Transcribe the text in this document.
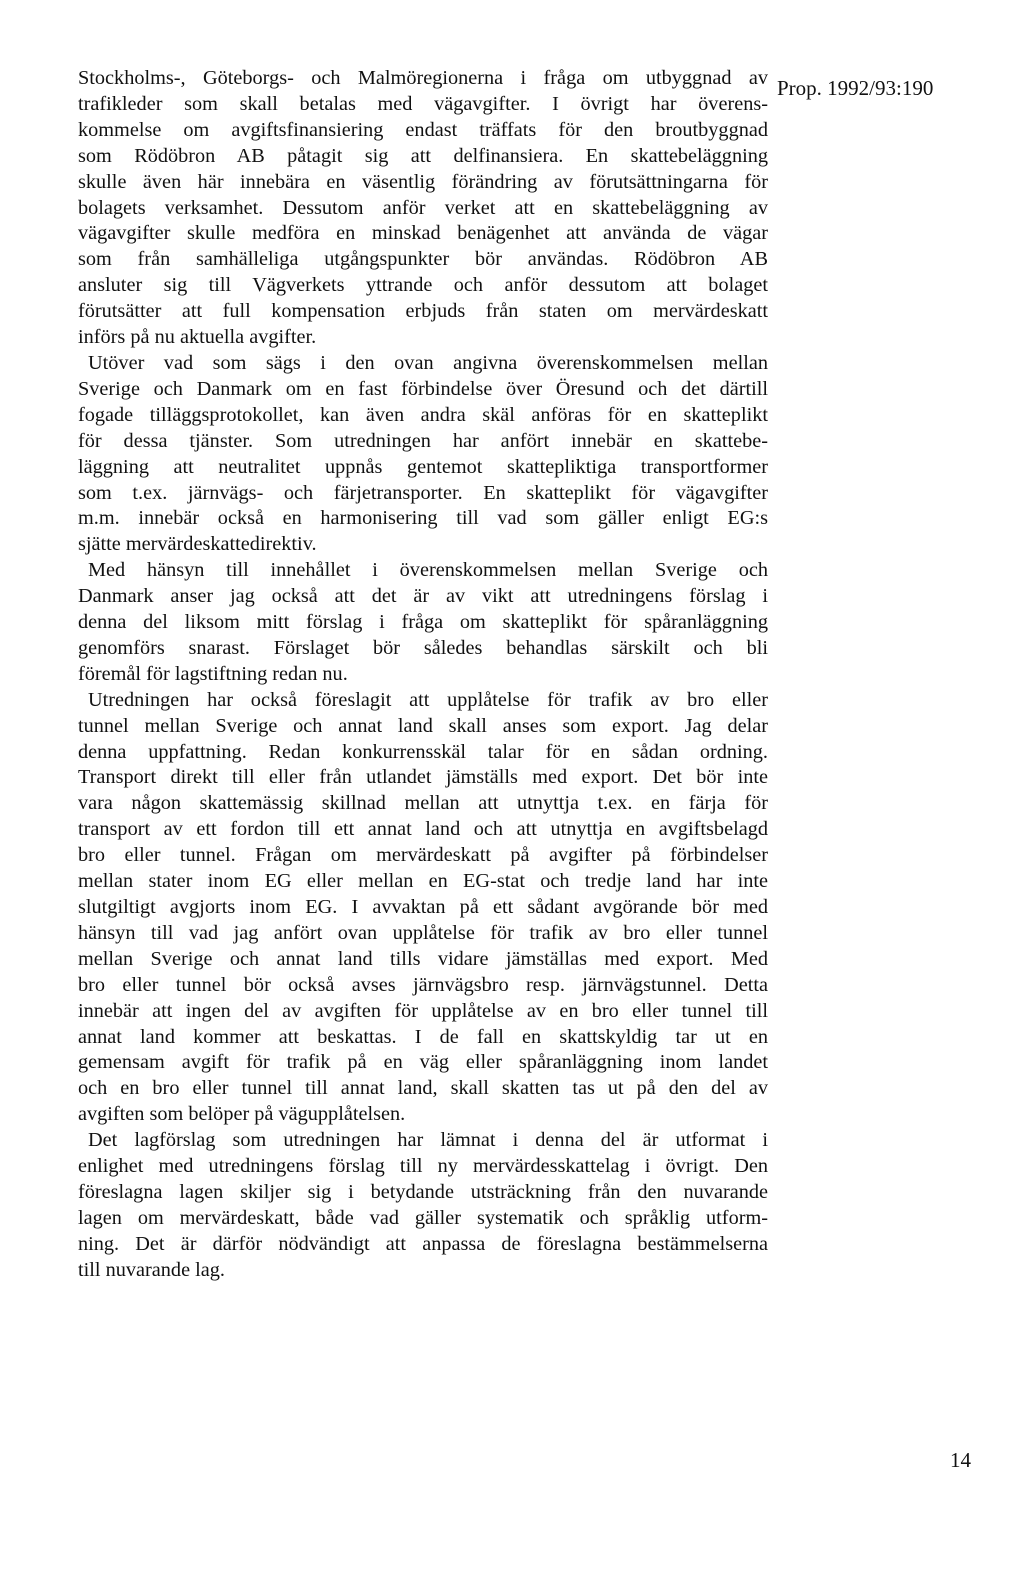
Prop. 1992/93:190

Stockholms-, Göteborgs- och Malmöregionerna i fråga om utbyggnad av
trafikleder som skall betalas med vägavgifter. I övrigt har överens-
kommelse om avgiftsfinansiering endast träffats för den broutbyggnad
som Rödöbron AB påtagit sig att delfinansiera. En skattebeläggning
skulle även här innebära en väsentlig förändring av förutsättningarna för
bolagets verksamhet. Dessutom anför verket att en skattebeläggning av
vägavgifter skulle medföra en minskad benägenhet att använda de vägar
som från samhälleliga utgångspunkter bör användas. Rödöbron AB
ansluter sig till Vägverkets yttrande och anför dessutom att bolaget
förutsätter att full kompensation erbjuds från staten om mervärdeskatt
införs på nu aktuella avgifter.

Utöver vad som sägs i den ovan angivna överenskommelsen mellan
Sverige och Danmark om en fast förbindelse över Öresund och det därtill
fogade tilläggsprotokollet, kan även andra skäl anföras för en skatteplikt
för dessa tjänster. Som utredningen har anfört innebär en skattebe-
läggning att neutralitet uppnås gentemot skattepliktiga transportformer
som t.ex. järnvägs- och färjetransporter. En skatteplikt för vägavgifter
m.m. innebär också en harmonisering till vad som gäller enligt EG:s
sjätte mervärdeskattedirektiv.

Med hänsyn till innehållet i överenskommelsen mellan Sverige och
Danmark anser jag också att det är av vikt att utredningens förslag i
denna del liksom mitt förslag i fråga om skatteplikt för spåranläggning
genomförs snarast. Förslaget bör således behandlas särskilt och bli
föremål för lagstiftning redan nu.

Utredningen har också föreslagit att upplåtelse för trafik av bro eller
tunnel mellan Sverige och annat land skall anses som export. Jag delar
denna uppfattning. Redan konkurrensskäl talar för en sådan ordning.
Transport direkt till eller från utlandet jämställs med export. Det bör inte
vara någon skattemässig skillnad mellan att utnyttja t.ex. en färja för
transport av ett fordon till ett annat land och att utnyttja en avgiftsbelagd
bro eller tunnel. Frågan om mervärdeskatt på avgifter på förbindelser
mellan stater inom EG eller mellan en EG-stat och tredje land har inte
slutgiltigt avgjorts inom EG. I avvaktan på ett sådant avgörande bör med
hänsyn till vad jag anfört ovan upplåtelse för trafik av bro eller tunnel
mellan Sverige och annat land tills vidare jämställas med export. Med
bro eller tunnel bör också avses järnvägsbro resp. järnvägstunnel. Detta
innebär att ingen del av avgiften för upplåtelse av en bro eller tunnel till
annat land kommer att beskattas. I de fall en skattskyldig tar ut en
gemensam avgift för trafik på en väg eller spåranläggning inom landet
och en bro eller tunnel till annat land, skall skatten tas ut på den del av
avgiften som belöper på vägupplåtelsen.

Det lagförslag som utredningen har lämnat i denna del är utformat i
enlighet med utredningens förslag till ny mervärdesskattelag i övrigt. Den
föreslagna lagen skiljer sig i betydande utsträckning från den nuvarande
lagen om mervärdeskatt, både vad gäller systematik och språklig utform-
ning. Det är därför nödvändigt att anpassa de föreslagna bestämmelserna
till nuvarande lag.

14
